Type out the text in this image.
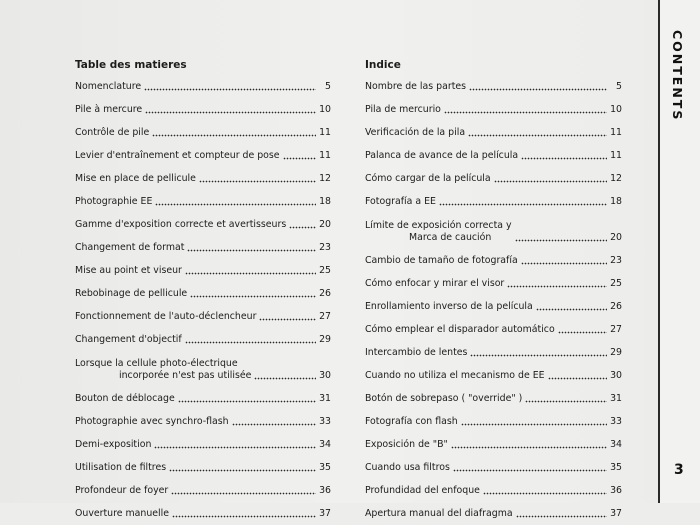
Table des matieres
Nomenclature	5
Pile à mercure	10
Contrôle de pile	11
Levier d'entraînement et compteur de pose	11
Mise en place de pellicule	12
Photographie EE	18
Gamme d'exposition correcte et avertisseurs	20
Changement de format	23
Mise au point et viseur	25
Rebobinage de pellicule	26
Fonctionnement de l'auto-déclencheur	27
Changement d'objectif	29
Lorsque la cellule photo-électrique
incorporée n'est pas utilisée	30
Bouton de déblocage	31
Photographie avec synchro-flash	33
Demi-exposition	34
Utilisation de filtres	35
Profondeur de foyer	36
Ouverture manuelle	37
Indice
Nombre de las partes	5
Pila de mercurio	10
Verificación de la pila	11
Palanca de avance de la película	11
Cómo cargar de la película	12
Fotografía a EE	18
Límite de exposición correcta y
Marca de caución	20
Cambio de tamaño de fotografía	23
Cómo enfocar y mirar el visor	25
Enrollamiento inverso de la película	26
Cómo emplear el disparador automático	27
Intercambio de lentes	29
Cuando no utiliza el mecanismo de EE	30
Botón de sobrepaso ( "override" )	31
Fotografía con flash	33
Exposición de "B"	34
Cuando usa filtros	35
Profundidad del enfoque	36
Apertura manual del diafragma	37
CONTENTS
3
